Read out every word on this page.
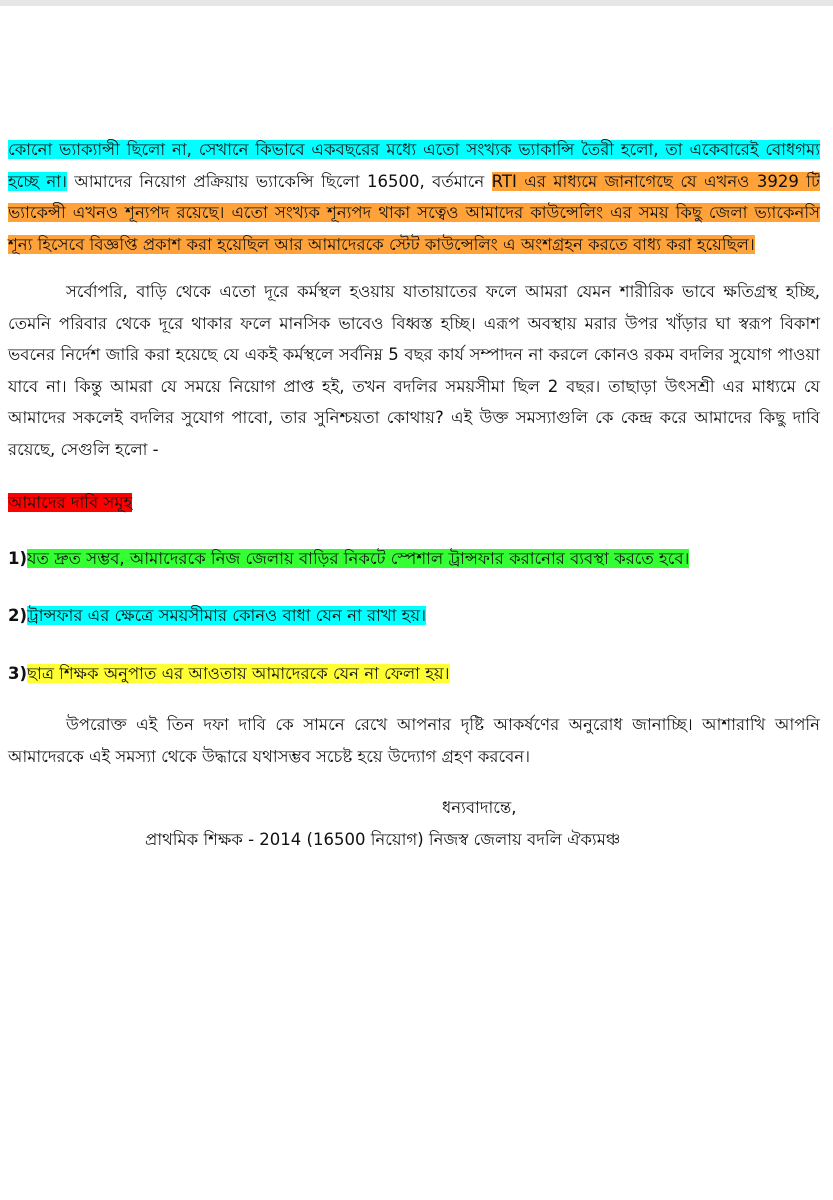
কোনো ভ্যাক্যান্সী ছিলো না, সেখানে কিভাবে একবছরের মধ্যে এতো সংখ্যক ভ্যাকান্সি তৈরী হলো, তা একেবারেই বোধগম্য হচ্ছে না। আমাদের নিয়োগ প্রক্রিয়ায় ভ্যাকেন্সি ছিলো 16500, বর্তমানে RTI এর মাধ্যমে জানাগেছে যে এখনও 3929 টি ভ্যাকেন্সী এখনও শূন্যপদ রয়েছে। এতো সংখ্যক শূন্যপদ থাকা সত্বেও আমাদের কাউন্সেলিং এর সময় কিছু জেলা ভ্যাকেনসি শূন্য হিসেবে বিজ্ঞপ্তি প্রকাশ করা হয়েছিল আর আমাদেরকে স্টেট কাউন্সেলিং এ অংশগ্রহন করতে বাধ্য করা হয়েছিল।

সর্বোপরি, বাড়ি থেকে এতো দূরে কর্মস্থল হওয়ায় যাতায়াতের ফলে আমরা যেমন শারীরিক ভাবে ক্ষতিগ্রস্থ হচ্ছি, তেমনি পরিবার থেকে দূরে থাকার ফলে মানসিক ভাবেও বিধ্বস্ত হচ্ছি। এরূপ অবস্থায় মরার উপর খাঁড়ার ঘা স্বরূপ বিকাশ ভবনের নির্দেশ জারি করা হয়েছে যে একই কর্মস্থলে সর্বনিম্ন 5 বছর কার্য সম্পাদন না করলে কোনও রকম বদলির সুযোগ পাওয়া যাবে না। কিন্তু আমরা যে সময়ে নিয়োগ প্রাপ্ত হই, তখন বদলির সময়সীমা ছিল 2 বছর। তাছাড়া উৎসশ্রী এর মাধ্যমে যে আমাদের সকলেই বদলির সুযোগ পাবো, তার সুনিশ্চয়তা কোথায়? এই উক্ত সমস্যাগুলি কে কেন্দ্র করে আমাদের কিছু দাবি রয়েছে, সেগুলি হলো -

আমাদের দাবি সমূহ

1)যত দ্রুত সম্ভব, আমাদেরকে নিজ জেলায় বাড়ির নিকটে স্পেশাল ট্রান্সফার করানোর ব্যবস্থা করতে হবে।

2)ট্রান্সফার এর ক্ষেত্রে সময়সীমার কোনও বাধা যেন না রাখা হয়।

3)ছাত্র শিক্ষক অনুপাত এর আওতায় আমাদেরকে যেন না ফেলা হয়।

উপরোক্ত এই তিন দফা দাবি কে সামনে রেখে আপনার দৃষ্টি আকর্ষণের অনুরোধ জানাচ্ছি। আশারাখি আপনি আমাদেরকে এই সমস্যা থেকে উদ্ধারে যথাসম্ভব সচেষ্ট হয়ে উদ্যোগ গ্রহণ করবেন।

ধন্যবাদান্তে,

প্রাথমিক শিক্ষক - 2014 (16500 নিয়োগ) নিজস্ব জেলায় বদলি ঐক্যমঞ্চ
